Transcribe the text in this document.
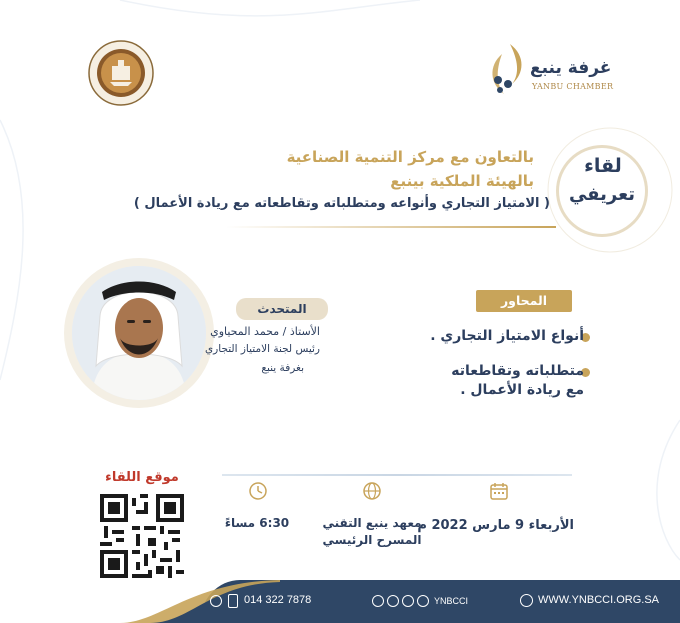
غرفة ينبع
YANBU CHAMBER
لقاء
تعريفي
بالتعاون مع مركز التنمية الصناعية
بالهيئة الملكية بينبع
( الامتياز التجاري وأنواعه ومتطلباته وتقاطعاته مع ريادة الأعمال )
المتحدث
الأستاذ / محمد المحياوي
رئيس لجنة الامتياز التجاري
بغرفة ينبع
المحاور
أنواع الامتياز التجاري .
متطلباته وتقاطعاته
مع ريادة الأعمال .
الأربعاء 9 مارس 2022 م
معهد ينبع التقني
المسرح الرئيسي
6:30 مساءً
موقع اللقاء
014 322 7878	YNBCCI	WWW.YNBCCI.ORG.SA
